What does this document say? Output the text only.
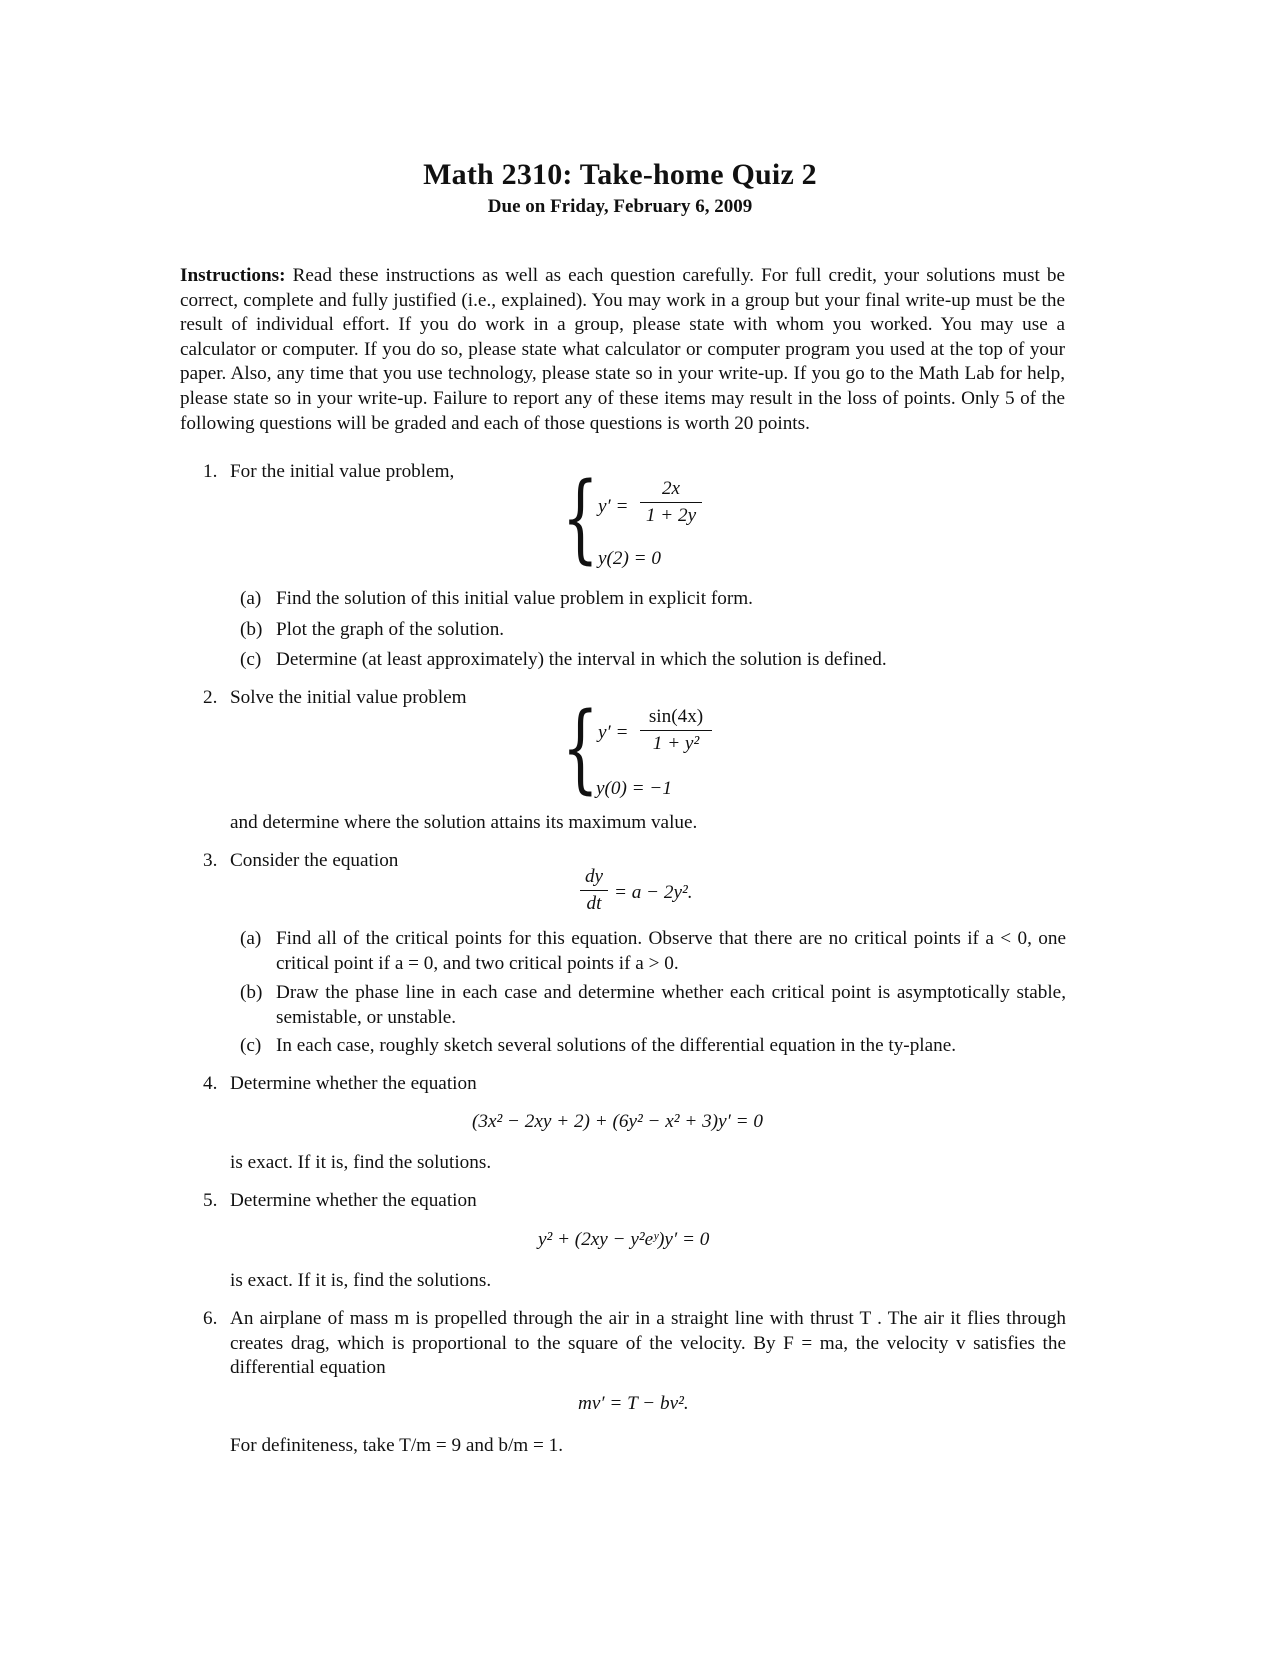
Math 2310: Take-home Quiz 2
Due on Friday, February 6, 2009
Instructions: Read these instructions as well as each question carefully. For full credit, your solutions must be correct, complete and fully justified (i.e., explained). You may work in a group but your final write-up must be the result of individual effort. If you do work in a group, please state with whom you worked. You may use a calculator or computer. If you do so, please state what calculator or computer program you used at the top of your paper. Also, any time that you use technology, please state so in your write-up. If you go to the Math Lab for help, please state so in your write-up. Failure to report any of these items may result in the loss of points. Only 5 of the following questions will be graded and each of those questions is worth 20 points.
1. For the initial value problem, { y′ =
2x
1 + 2y
y(2) = 0
(a) Find the solution of this initial value problem in explicit form.
(b) Plot the graph of the solution.
(c) Determine (at least approximately) the interval in which the solution is defined.
2. Solve the initial value problem { y′ =
sin(4x)
1 + y²
y(0) = −1
and determine where the solution attains its maximum value.
3. Consider the equation
dy
dt
= a − 2y².
(a) Find all of the critical points for this equation. Observe that there are no critical points if a < 0, one critical point if a = 0, and two critical points if a > 0.
(b) Draw the phase line in each case and determine whether each critical point is asymptotically stable, semistable, or unstable.
(c) In each case, roughly sketch several solutions of the differential equation in the ty-plane.
4. Determine whether the equation
(3x² − 2xy + 2) + (6y² − x² + 3)y′ = 0
is exact. If it is, find the solutions.
5. Determine whether the equation
y² + (2xy − y²eʸ)y′ = 0
is exact. If it is, find the solutions.
6. An airplane of mass m is propelled through the air in a straight line with thrust T . The air it flies through creates drag, which is proportional to the square of the velocity. By F = ma, the velocity v satisfies the differential equation
mv′ = T − bv².
For definiteness, take T/m = 9 and b/m = 1.
